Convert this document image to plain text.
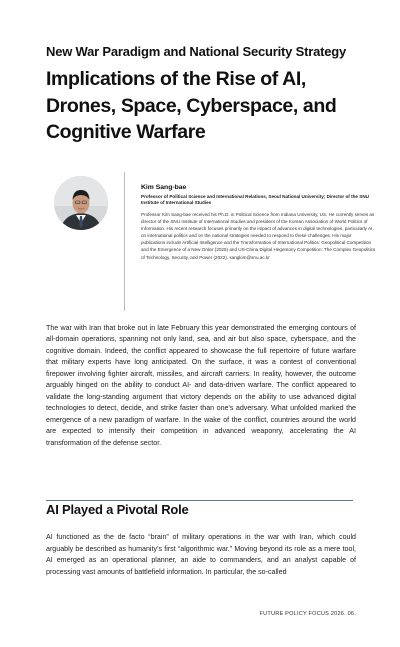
New War Paradigm and National Security Strategy
Implications of the Rise of AI, Drones, Space, Cyberspace, and Cognitive Warfare
Kim Sang-bae
Professor of Political Science and International Relations, Seoul National University; Director of the SNU Institute of International Studies
Professor Kim Sang-bae received his Ph.D. in Political Science from Indiana University, US. He currently serves as director of the SNU Institute of International Studies and president of the Korean Association of World Politics of Information. His recent research focuses primarily on the impact of advances in digital technologies, particularly AI, on international politics and on the national strategies needed to respond to these challenges. His major publications include Artificial Intelligence and the Transformation of International Politics: Geopolitical Competition and the Emergence of a New Order (2025) and US-China Digital Hegemony Competition: The Complex Geopolitics of Technology, Security, and Power (2022). sangkim@snu.ac.kr

The war with Iran that broke out in late February this year demonstrated the emerging contours of all-domain operations, spanning not only land, sea, and air but also space, cyberspace, and the cognitive domain. Indeed, the conflict appeared to showcase the full repertoire of future warfare that military experts have long anticipated. On the surface, it was a contest of conventional firepower involving fighter aircraft, missiles, and aircraft carriers. In reality, however, the outcome arguably hinged on the ability to conduct AI- and data-driven warfare. The conflict appeared to validate the long-standing argument that victory depends on the ability to use advanced digital technologies to detect, decide, and strike faster than one's adversary. What unfolded marked the emergence of a new paradigm of warfare. In the wake of the conflict, countries around the world are expected to intensify their competition in advanced weaponry, accelerating the AI transformation of the defense sector.

AI Played a Pivotal Role

AI functioned as the de facto “brain” of military operations in the war with Iran, which could arguably be described as humanity’s first “algorithmic war.” Moving beyond its role as a mere tool, AI emerged as an operational planner, an aide to commanders, and an analyst capable of processing vast amounts of battlefield information. In particular, the so-called

FUTURE POLICY FOCUS 2026. 06.
